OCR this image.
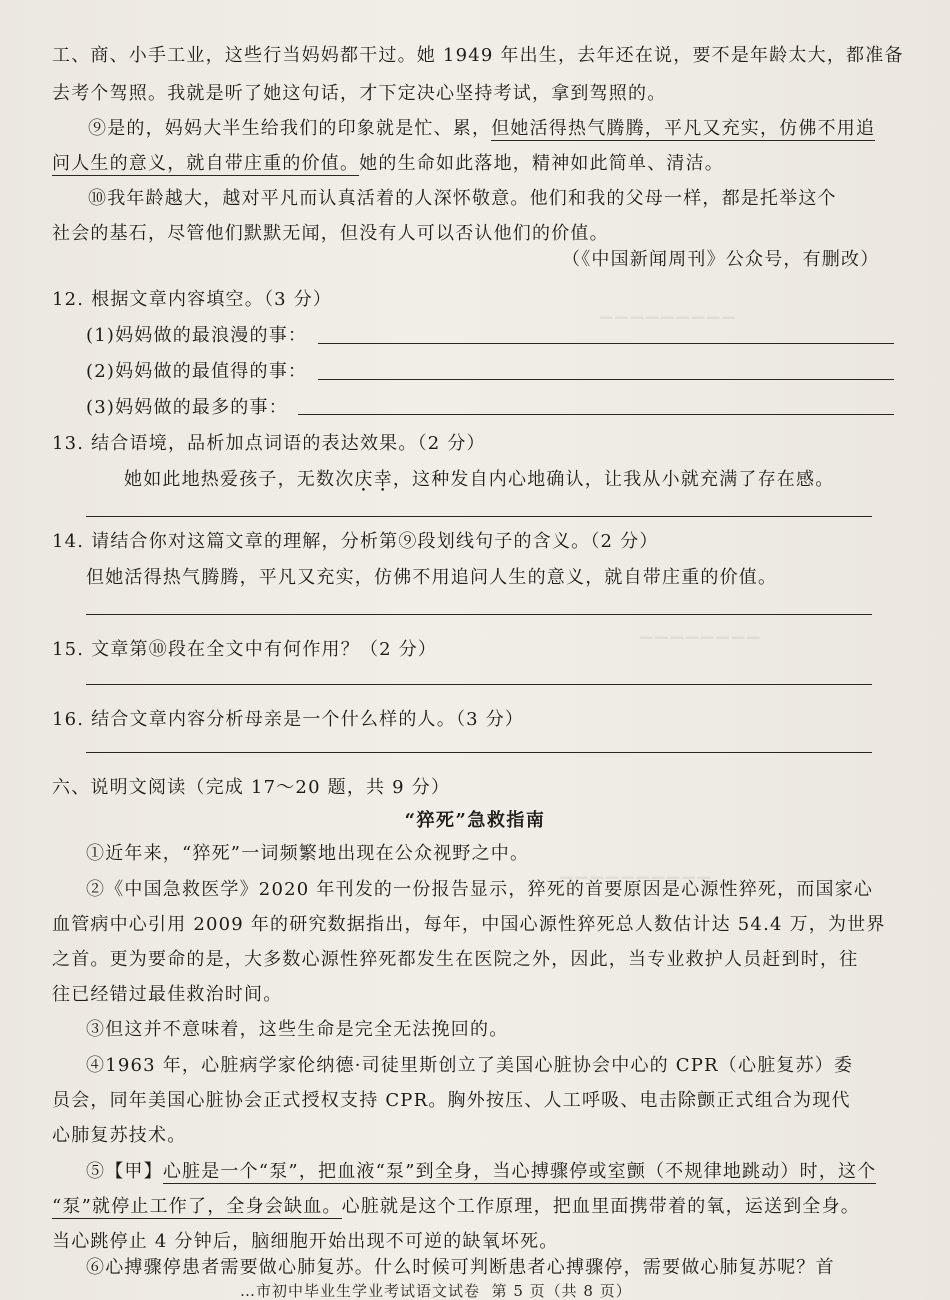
▁▁▁▁▁▁▁▁▁
▁▁▁▁▁▁▁▁
▁▁▁▁▁▁▁▁▁▁
工、商、小手工业，这些行当妈妈都干过。她 1949 年出生，去年还在说，要不是年龄太大，都准备
去考个驾照。我就是听了她这句话，才下定决心坚持考试，拿到驾照的。
⑨是的，妈妈大半生给我们的印象就是忙、累，但她活得热气腾腾，平凡又充实，仿佛不用追
问人生的意义，就自带庄重的价值。她的生命如此落地，精神如此简单、清洁。
⑩我年龄越大，越对平凡而认真活着的人深怀敬意。他们和我的父母一样，都是托举这个
社会的基石，尽管他们默默无闻，但没有人可以否认他们的价值。
（《中国新闻周刊》公众号，有删改）
12. 根据文章内容填空。（3 分）
(1)妈妈做的最浪漫的事：
(2)妈妈做的最值得的事：
(3)妈妈做的最多的事：
13. 结合语境，品析加点词语的表达效果。（2 分）
她如此地热爱孩子，无数次庆幸，这种发自内心地确认，让我从小就充满了存在感。
14. 请结合你对这篇文章的理解，分析第⑨段划线句子的含义。（2 分）
但她活得热气腾腾，平凡又充实，仿佛不用追问人生的意义，就自带庄重的价值。
15. 文章第⑩段在全文中有何作用？（2 分）
16. 结合文章内容分析母亲是一个什么样的人。（3 分）
六、说明文阅读（完成 17～20 题，共 9 分）
“猝死”急救指南
①近年来，“猝死”一词频繁地出现在公众视野之中。
②《中国急救医学》2020 年刊发的一份报告显示，猝死的首要原因是心源性猝死，而国家心
血管病中心引用 2009 年的研究数据指出，每年，中国心源性猝死总人数估计达 54.4 万，为世界
之首。更为要命的是，大多数心源性猝死都发生在医院之外，因此，当专业救护人员赶到时，往
往已经错过最佳救治时间。
③但这并不意味着，这些生命是完全无法挽回的。
④1963 年，心脏病学家伦纳德·司徒里斯创立了美国心脏协会中心的 CPR（心脏复苏）委
员会，同年美国心脏协会正式授权支持 CPR。胸外按压、人工呼吸、电击除颤正式组合为现代
心肺复苏技术。
⑤【甲】心脏是一个“泵”，把血液“泵”到全身，当心搏骤停或室颤（不规律地跳动）时，这个
“泵”就停止工作了，全身会缺血。心脏就是这个工作原理，把血里面携带着的氧，运送到全身。
当心跳停止 4 分钟后，脑细胞开始出现不可逆的缺氧坏死。
⑥心搏骤停患者需要做心肺复苏。什么时候可判断患者心搏骤停，需要做心肺复苏呢？首
…市初中毕业生学业考试语文试卷 第 5 页（共 8 页）
